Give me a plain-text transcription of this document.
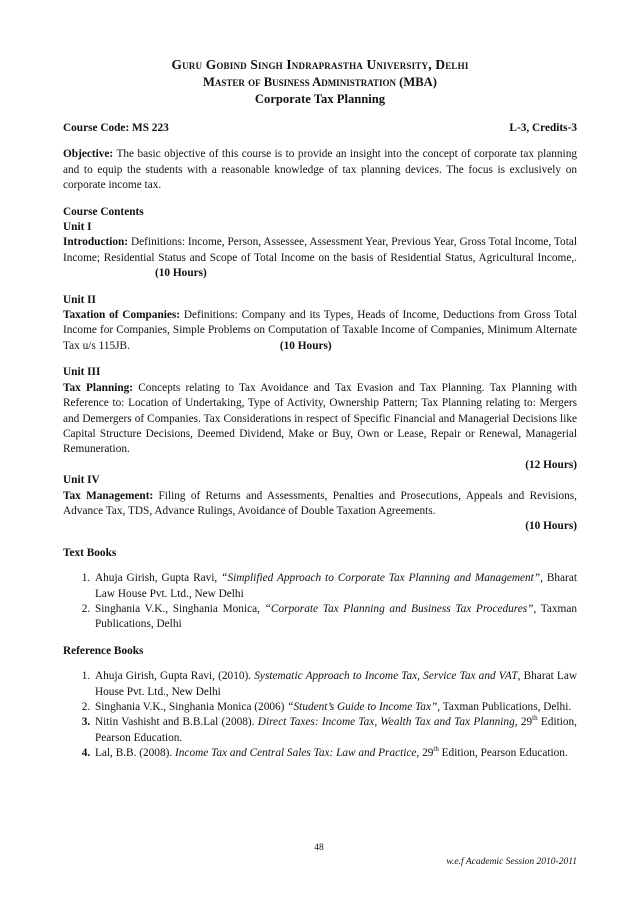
Guru Gobind Singh Indraprastha University, Delhi
Master of Business Administration (MBA)
Corporate Tax Planning
Course Code: MS 223	L-3, Credits-3

Objective: The basic objective of this course is to provide an insight into the concept of corporate tax planning and to equip the students with a reasonable knowledge of tax planning devices. The focus is exclusively on corporate income tax.

Course Contents
Unit I

Introduction: Definitions: Income, Person, Assessee, Assessment Year, Previous Year, Gross Total Income, Total Income; Residential Status and Scope of Total Income on the basis of Residential Status, Agricultural Income,.(10 Hours)

Unit II

Taxation of Companies: Definitions: Company and its Types, Heads of Income, Deductions from Gross Total Income for Companies, Simple Problems on Computation of Taxable Income of Companies, Minimum Alternate Tax u/s 115JB.	(10 Hours)

Unit III

Tax Planning: Concepts relating to Tax Avoidance and Tax Evasion and Tax Planning. Tax Planning with Reference to: Location of Undertaking, Type of Activity, Ownership Pattern; Tax Planning relating to: Mergers and Demergers of Companies. Tax Considerations in respect of Specific Financial and Managerial Decisions like Capital Structure Decisions, Deemed Dividend, Make or Buy, Own or Lease, Repair or Renewal, Managerial Remuneration.

(12 Hours)
Unit IV

Tax Management: Filing of Returns and Assessments, Penalties and Prosecutions, Appeals and Revisions, Advance Tax, TDS, Advance Rulings, Avoidance of Double Taxation Agreements.

(10 Hours)
Text Books
1. Ahuja Girish, Gupta Ravi, “Simplified Approach to Corporate Tax Planning and Management”, Bharat Law House Pvt. Ltd., New Delhi
2. Singhania V.K., Singhania Monica, “Corporate Tax Planning and Business Tax Procedures”, Taxman Publications, Delhi
Reference Books
1. Ahuja Girish, Gupta Ravi, (2010). Systematic Approach to Income Tax, Service Tax and VAT, Bharat Law House Pvt. Ltd., New Delhi
2. Singhania V.K., Singhania Monica (2006) “Student’s Guide to Income Tax”, Taxman Publications, Delhi.
3. Nitin Vashisht and B.B.Lal (2008). Direct Taxes: Income Tax, Wealth Tax and Tax Planning, 29th Edition, Pearson Education.
4. Lal, B.B. (2008). Income Tax and Central Sales Tax: Law and Practice, 29th Edition, Pearson Education.
48
w.e.f Academic Session 2010-2011
